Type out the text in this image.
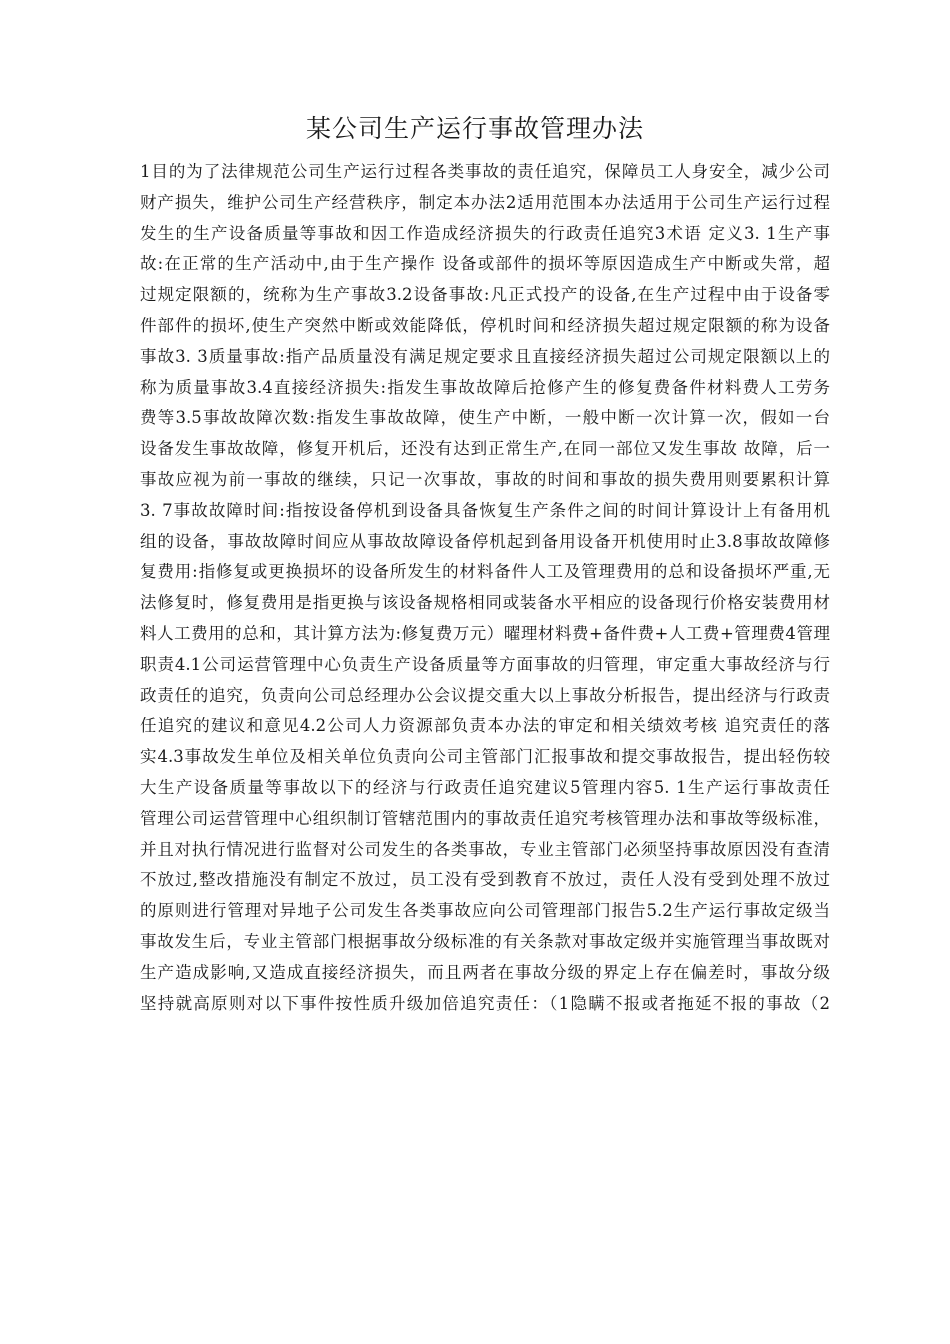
某公司生产运行事故管理办法
1目的为了法律规范公司生产运行过程各类事故的责任追究，保障员工人身安全，减少公司
财产损失，维护公司生产经营秩序，制定本办法2适用范围本办法适用于公司生产运行过程
发生的生产设备质量等事故和因工作造成经济损失的行政责任追究3术语 定义3. 1生产事
故:在正常的生产活动中,由于生产操作 设备或部件的损坏等原因造成生产中断或失常，超
过规定限额的，统称为生产事故3.2设备事故:凡正式投产的设备,在生产过程中由于设备零
件部件的损坏,使生产突然中断或效能降低，停机时间和经济损失超过规定限额的称为设备
事故3. 3质量事故:指产品质量没有满足规定要求且直接经济损失超过公司规定限额以上的
称为质量事故3.4直接经济损失:指发生事故故障后抢修产生的修复费备件材料费人工劳务
费等3.5事故故障次数:指发生事故故障，使生产中断，一般中断一次计算一次，假如一台
设备发生事故故障，修复开机后，还没有达到正常生产,在同一部位又发生事故 故障，后一
事故应视为前一事故的继续，只记一次事故，事故的时间和事故的损失费用则要累积计算
3. 7事故故障时间:指按设备停机到设备具备恢复生产条件之间的时间计算设计上有备用机
组的设备，事故故障时间应从事故故障设备停机起到备用设备开机使用时止3.8事故故障修
复费用:指修复或更换损坏的设备所发生的材料备件人工及管理费用的总和设备损坏严重,无
法修复时，修复费用是指更换与该设备规格相同或装备水平相应的设备现行价格安装费用材
料人工费用的总和，其计算方法为:修复费万元）曜理材料费+备件费+人工费+管理费4管理
职责4.1公司运营管理中心负责生产设备质量等方面事故的归管理，审定重大事故经济与行
政责任的追究，负责向公司总经理办公会议提交重大以上事故分析报告，提出经济与行政责
任追究的建议和意见4.2公司人力资源部负责本办法的审定和相关绩效考核 追究责任的落
实4.3事故发生单位及相关单位负责向公司主管部门汇报事故和提交事故报告，提出轻伤较
大生产设备质量等事故以下的经济与行政责任追究建议5管理内容5. 1生产运行事故责任
管理公司运营管理中心组织制订管辖范围内的事故责任追究考核管理办法和事故等级标准，
并且对执行情况进行监督对公司发生的各类事故，专业主管部门必须坚持事故原因没有查清
不放过,整改措施没有制定不放过，员工没有受到教育不放过，责任人没有受到处理不放过
的原则进行管理对异地子公司发生各类事故应向公司管理部门报告5.2生产运行事故定级当
事故发生后，专业主管部门根据事故分级标准的有关条款对事故定级并实施管理当事故既对
生产造成影响,又造成直接经济损失，而且两者在事故分级的界定上存在偏差时，事故分级
坚持就高原则对以下事件按性质升级加倍追究责任：（1隐瞒不报或者拖延不报的事故（2
